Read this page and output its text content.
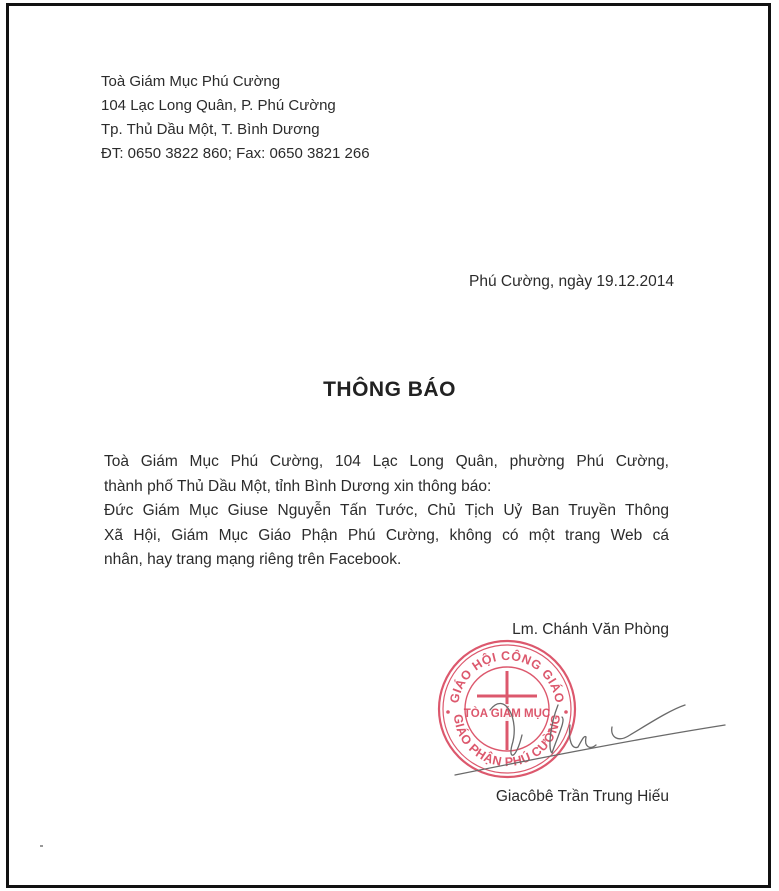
Toà Giám Mục Phú Cường
104 Lạc Long Quân, P. Phú Cường
Tp. Thủ Dầu Một, T. Bình Dương
ĐT: 0650 3822 860; Fax: 0650 3821 266
Phú Cường, ngày 19.12.2014
THÔNG BÁO
Toà Giám Mục Phú Cường, 104 Lạc Long Quân, phường Phú Cường,
thành phố Thủ Dầu Một, tỉnh Bình Dương xin thông báo:
Đức Giám Mục Giuse Nguyễn Tấn Tước, Chủ Tịch Uỷ Ban Truyền Thông
Xã Hội, Giám Mục Giáo Phận Phú Cường, không có một trang Web cá
nhân, hay trang mạng riêng trên Facebook.
Lm. Chánh Văn Phòng
GIÁO HỘI CÔNG GIÁO
GIÁO PHẬN PHÚ CƯỜNG
TÒA GIÁM MỤC
Giacôbê Trần Trung Hiếu
